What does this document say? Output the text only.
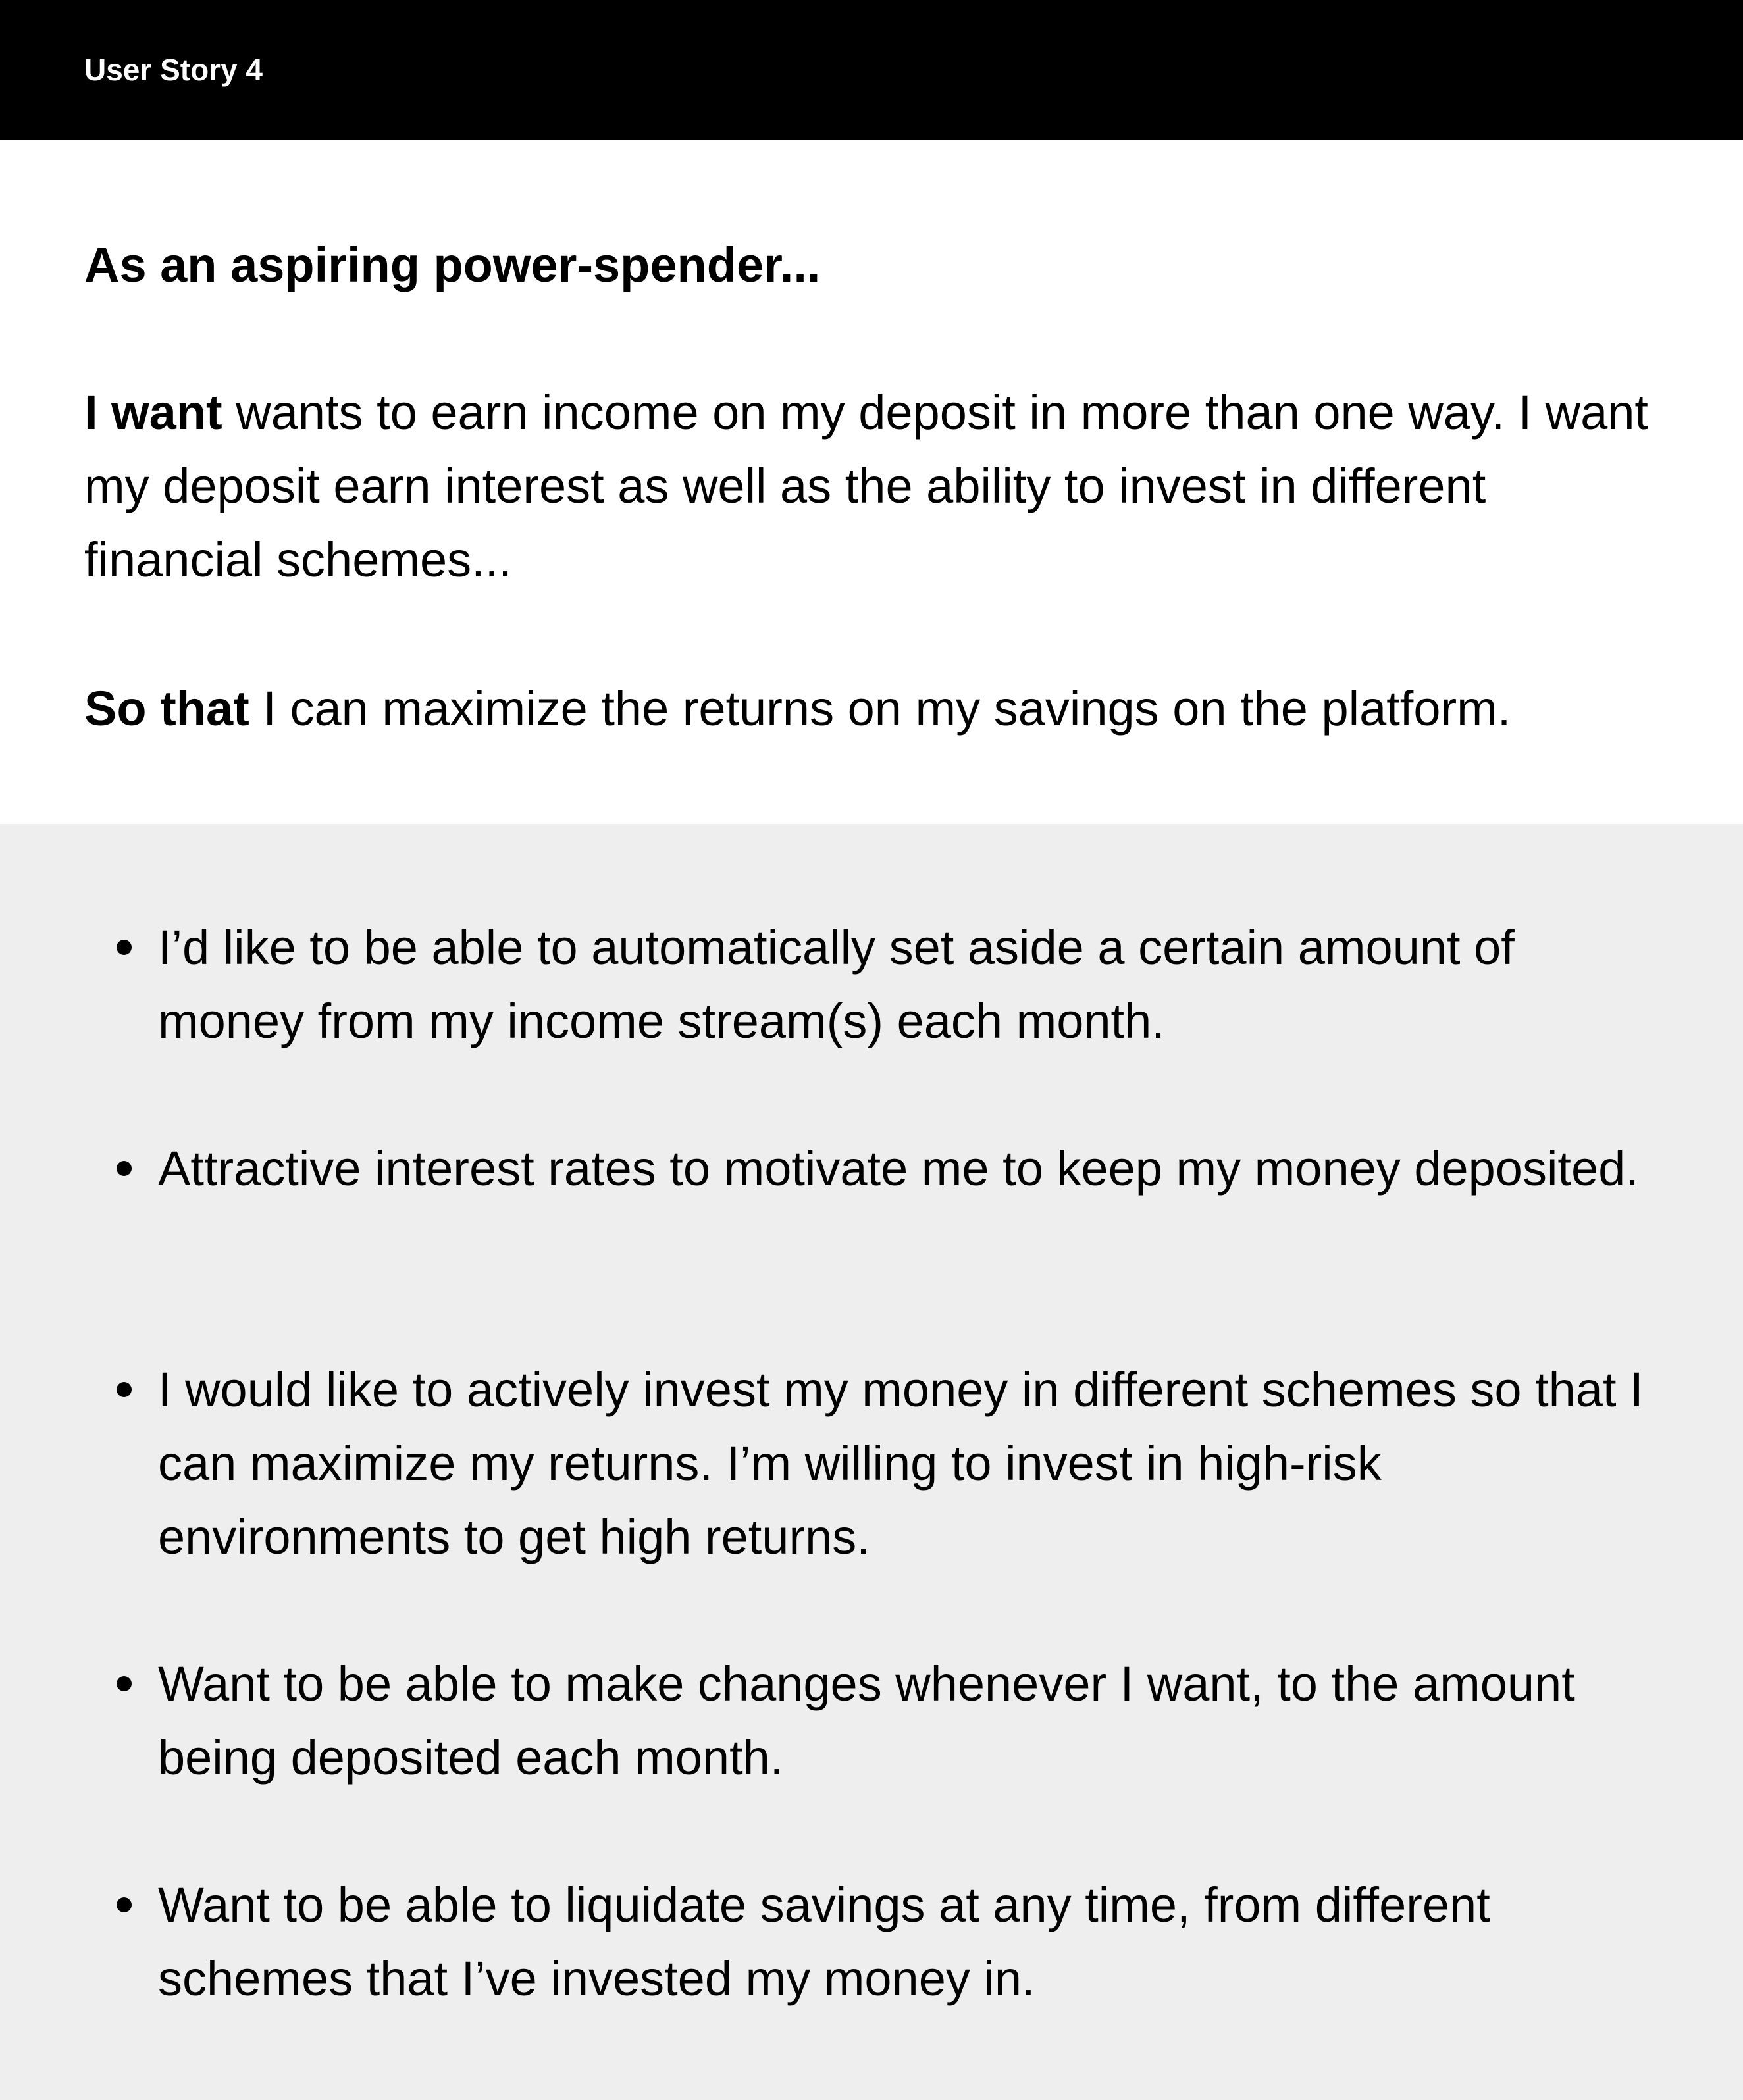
User Story 4
As an aspiring power-spender...
I want wants to earn income on my deposit in more than one way. I want my deposit earn interest as well as the ability to invest in different financial schemes...
So that I can maximize the returns on my savings on the platform.
I’d like to be able to automatically set aside a certain amount of money from my income stream(s) each month.
Attractive interest rates to motivate me to keep my money deposited.
I would like to actively invest my money in different schemes so that I can maximize my returns. I’m willing to invest in high-risk environments to get high returns.
Want to be able to make changes whenever I want, to the amount being deposited each month.
Want to be able to liquidate savings at any time, from different schemes that I’ve invested my money in.
